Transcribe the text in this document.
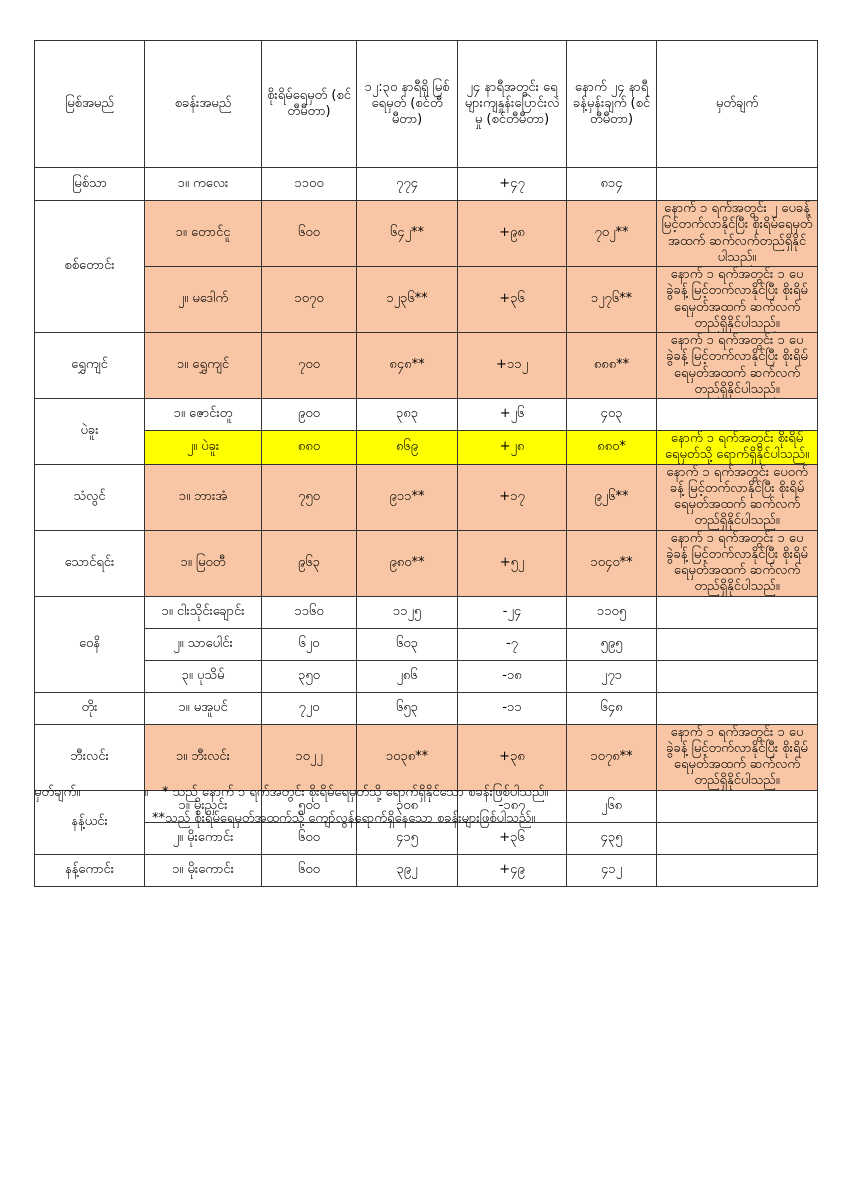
မြစ်အမည်	စခန်းအမည်	စိုးရိမ်ရေမှတ် (စင်တီမီတာ)	၁၂:၃၀ နာရီရှိ မြစ်ရေမှတ် (စင်တီမီတာ)	၂၄ နာရီအတွင်း ရေများကျနှုန်းပြောင်းလဲမှု (စင်တီမီတာ)	နောက် ၂၄ နာရီ ခန့်မှန်းချက် (စင်တီမီတာ)	မှတ်ချက်
မြစ်သာ	၁။ ကလေး	၁၁၀၀	၇၇၄	+၄၇	၈၁၄	
စစ်တောင်း	၁။ တောင်ငူ	၆၀၀	၆၄၂**	+၉၈	၇၀၂**	နောက် ၁ ရက်အတွင်း ၂ ပေခန့် မြင့်တက်လာနိုင်ပြီး စိုးရိမ်ရေမှတ်အထက် ဆက်လက်တည်ရှိနိုင်ပါသည်။
	၂။ မဒေါက်	၁၀၇၀	၁၂၃၆**	+၃၆	၁၂၇၆**	နောက် ၁ ရက်အတွင်း ၁ ပေခွဲခန့် မြင့်တက်လာနိုင်ပြီး စိုးရိမ်ရေမှတ်အထက် ဆက်လက်တည်ရှိနိုင်ပါသည်။
ရွှေကျင်	၁။ ရွှေကျင်	၇၀၀	၈၄၈**	+၁၁၂	၈၈၈**	နောက် ၁ ရက်အတွင်း ၁ ပေခွဲခန့် မြင့်တက်လာနိုင်ပြီး စိုးရိမ်ရေမှတ်အထက် ဆက်လက်တည်ရှိနိုင်ပါသည်။
ပဲခူး	၁။ ဇောင်းတူ	၉၀၀	၃၈၃	+၂၆	၄၀၃	
	၂။ ပဲခူး	၈၈၀	၈၆၉	+၂၈	၈၈၀*	နောက် ၁ ရက်အတွင်း စိုးရိမ်ရေမှတ်သို့ ရောက်ရှိနိုင်ပါသည်။
သံလွင်	၁။ ဘားအံ	၇၅၀	၉၁၁**	+၁၇	၉၂၆**	နောက် ၁ ရက်အတွင်း ပေဝက်ခန့် မြင့်တက်လာနိုင်ပြီး စိုးရိမ်ရေမှတ်အထက် ဆက်လက်တည်ရှိနိုင်ပါသည်။
သောင်ရင်း	၁။ မြဝတီ	၉၆၃	၉၈၀**	+၅၂	၁၀၄၀**	နောက် ၁ ရက်အတွင်း ၁ ပေခွဲခန့် မြင့်တက်လာနိုင်ပြီး စိုးရိမ်ရေမှတ်အထက် ဆက်လက်တည်ရှိနိုင်ပါသည်။
ဝေနိ	၁။ ငါးသိုင်းချောင်း	၁၁၆၀	၁၁၂၅	-၂၄	၁၁၀၅	
	၂။ သာပေါင်း	၆၂၀	၆၀၃	-၇	၅၉၅	
	၃။ ပုသိမ်	၃၅၀	၂၈၆	-၁၈	၂၇၁	
တိုး	၁။ မအူပင်	၇၂၀	၆၅၃	-၁၁	၆၄၈	
ဘီးလင်း	၁။ ဘီးလင်း	၁၀၂၂	၁၀၃၈**	+၃၈	၁၀၇၈**	နောက် ၁ ရက်အတွင်း ၁ ပေခွဲခန့် မြင့်တက်လာနိုင်ပြီး စိုးရိမ်ရေမှတ်အထက် ဆက်လက်တည်ရှိနိုင်ပါသည်။
နန့်ယင်း	၁။ မိုးညှင်း	၅၀၀	၃၀၈	-၁၈၇	၂၆၈	
	၂။ မိုးကောင်း	၆၀၀	၄၁၅	+၃၆	၄၃၅	
နန့်ကောင်း	၁။ မိုးကောင်း	၆၀၀	၃၉၂	+၄၉	၄၁၂	
မှတ်ချက်။	။ * သည် နောက် ၁ ရက်အတွင်း စိုးရိမ်ရေမှတ်သို့ ရောက်ရှိနိုင်သော စခန်းဖြစ်ပါသည်။
**သည် စိုးရိမ်ရေမှတ်အထက်သို့ ကျော်လွန်ရောက်ရှိနေသော စခန်းများဖြစ်ပါသည်။
